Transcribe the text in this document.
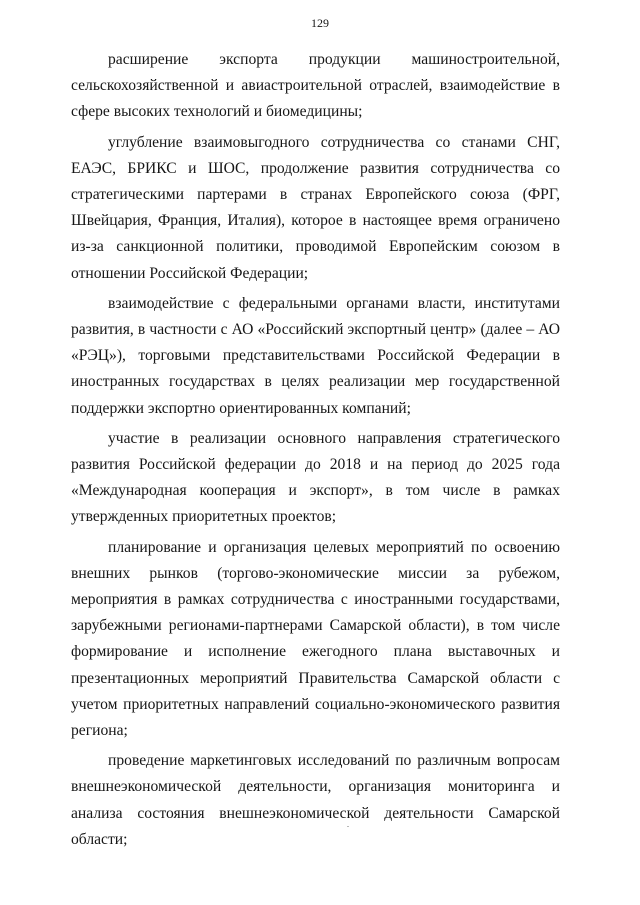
129

расширение экспорта продукции машиностроительной, сельскохозяйственной и авиастроительной отраслей, взаимодействие в сфере высоких технологий и биомедицины;

углубление взаимовыгодного сотрудничества со станами СНГ, ЕАЭС, БРИКС и ШОС, продолжение развития сотрудничества со стратегическими партерами в странах Европейского союза (ФРГ, Швейцария, Франция, Италия), которое в настоящее время ограничено из-за санкционной политики, проводимой Европейским союзом в отношении Российской Федерации;

взаимодействие с федеральными органами власти, институтами развития, в частности с АО «Российский экспортный центр» (далее – АО «РЭЦ»), торговыми представительствами Российской Федерации в иностранных государствах в целях реализации мер государственной поддержки экспортно ориентированных компаний;

участие в реализации основного направления стратегического развития Российской федерации до 2018 и на период до 2025 года «Международная кооперация и экспорт», в том числе в рамках утвержденных приоритетных проектов;

планирование и организация целевых мероприятий по освоению внешних рынков (торгово-экономические миссии за рубежом, мероприятия в рамках сотрудничества с иностранными государствами, зарубежными регионами-партнерами Самарской области), в том числе формирование и исполнение ежегодного плана выставочных и презентационных мероприятий Правительства Самарской области с учетом приоритетных направлений социально-экономического развития региона;

проведение маркетинговых исследований по различным вопросам внешнеэкономической деятельности, организация мониторинга и анализа состояния внешнеэкономической деятельности Самарской области;
